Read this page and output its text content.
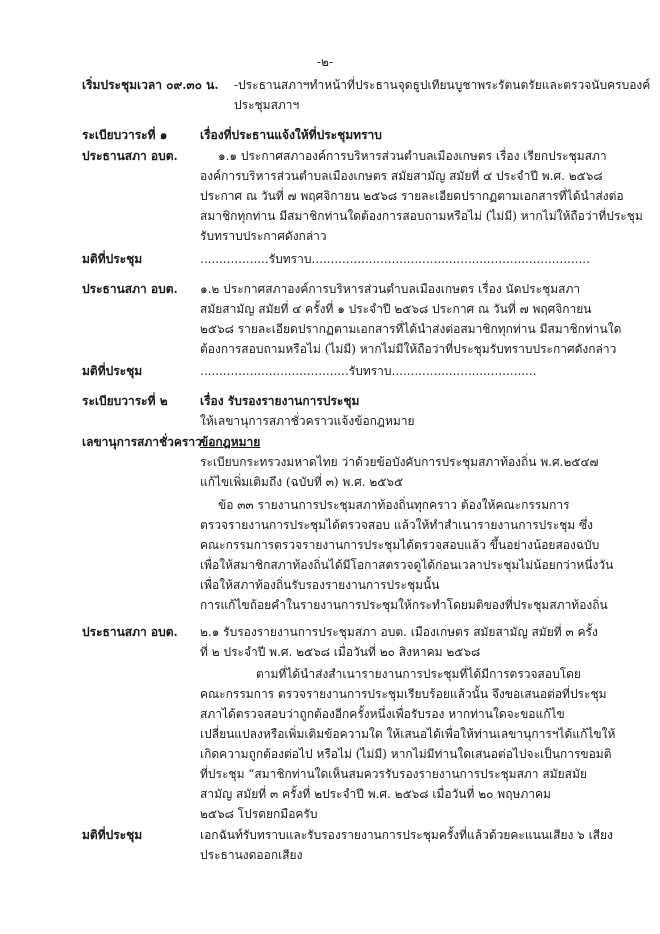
-๒-
เริ่มประชุมเวลา ๐๙.๓๐ น. -ประธานสภาฯทำหน้าที่ประธานจุดธูปเทียนบูชาพระรัตนตรัยและตรวจนับครบองค์
ประชุมสภาฯ
ระเบียบวาระที่ ๑	เรื่องที่ประธานแจ้งให้ที่ประชุมทราบ
ประธานสภา อบต.	๑.๑ ประกาศสภาองค์การบริหารส่วนตำบลเมืองเกษตร เรื่อง เรียกประชุมสภา
องค์การบริหารส่วนตำบลเมืองเกษตร สมัยสามัญ สมัยที่ ๔ ประจำปี พ.ศ. ๒๕๖๘
ประกาศ ณ วันที่ ๗ พฤศจิกายน ๒๕๖๘ รายละเอียดปรากฏตามเอกสารที่ได้นำส่งต่อ
สมาชิกทุกท่าน มีสมาชิกท่านใดต้องการสอบถามหรือไม่ (ไม่มี) หากไม่ให้ถือว่าที่ประชุม
รับทราบประกาศดังกล่าว
มติที่ประชุม	..................รับทราบ.........................................................................
ประธานสภา อบต. ๑.๒ ประกาศสภาองค์การบริหารส่วนตำบลเมืองเกษตร เรื่อง นัดประชุมสภา
สมัยสามัญ สมัยที่ ๔ ครั้งที่ ๑ ประจำปี ๒๕๖๘ ประกาศ ณ วันที่ ๗ พฤศจิกายน
๒๕๖๘ รายละเอียดปรากฏตามเอกสารที่ได้นำส่งต่อสมาชิกทุกท่าน มีสมาชิกท่านใด
ต้องการสอบถามหรือไม่ (ไม่มี) หากไม่มีให้ถือว่าที่ประชุมรับทราบประกาศดังกล่าว
มติที่ประชุม	.......................................รับทราบ......................................
ระเบียบวาระที่ ๒	เรื่อง รับรองรายงานการประชุม
ให้เลขานุการสภาชั่วคราวแจ้งข้อกฎหมาย
เลขานุการสภาชั่วคราว
ข้อกฎหมาย
ระเบียบกระทรวงมหาดไทย ว่าด้วยข้อบังคับการประชุมสภาท้องถิ่น พ.ศ.๒๕๔๗
แก้ไขเพิ่มเติมถึง (ฉบับที่ ๓) พ.ศ. ๒๕๖๕
ข้อ ๓๓ รายงานการประชุมสภาท้องถิ่นทุกคราว ต้องให้คณะกรรมการ
ตรวจรายงานการประชุมได้ตรวจสอบ แล้วให้ทำสำเนารายงานการประชุม ซึ่ง
คณะกรรมการตรวจรายงานการประชุมได้ตรวจสอบแล้ว ขึ้นอย่างน้อยสองฉบับ
เพื่อให้สมาชิกสภาท้องถิ่นได้มีโอกาสตรวจดูได้ก่อนเวลาประชุมไม่น้อยกว่าหนึ่งวัน
เพื่อให้สภาท้องถิ่นรับรองรายงานการประชุมนั้น
การแก้ไขถ้อยคำในรายงานการประชุมให้กระทำโดยมติของที่ประชุมสภาท้องถิ่น
ประธานสภา อบต. ๒.๑ รับรองรายงานการประชุมสภา อบต. เมืองเกษตร สมัยสามัญ สมัยที่ ๓ ครั้ง
ที่ ๒ ประจำปี พ.ศ. ๒๕๖๘ เมื่อวันที่ ๒๐ สิงหาคม ๒๕๖๘
ตามที่ได้นำส่งสำเนารายงานการประชุมที่ได้มีการตรวจสอบโดย
คณะกรรมการ ตรวจรายงานการประชุมเรียบร้อยแล้วนั้น จึงขอเสนอต่อที่ประชุม
สภาได้ตรวจสอบว่าถูกต้องอีกครั้งหนึ่งเพื่อรับรอง หากท่านใดจะขอแก้ไข
เปลี่ยนแปลงหรือเพิ่มเติมข้อความใด ให้เสนอได้เพื่อให้ท่านเลขานุการฯได้แก้ไขให้
เกิดความถูกต้องต่อไป หรือไม่ (ไม่มี) หากไม่มีท่านใดเสนอต่อไปจะเป็นการขอมติ
ที่ประชุม “สมาชิกท่านใดเห็นสมควรรับรองรายงานการประชุมสภา สมัยสมัย
สามัญ สมัยที่ ๓ ครั้งที่ ๒ประจำปี พ.ศ. ๒๕๖๘ เมื่อวันที่ ๒๐ พฤษภาคม
๒๕๖๘ โปรดยกมือครับ
มติที่ประชุม	เอกฉันท์รับทราบและรับรองรายงานการประชุมครั้งที่แล้วด้วยคะแนนเสียง ๖ เสียง
ประธานงดออกเสียง
